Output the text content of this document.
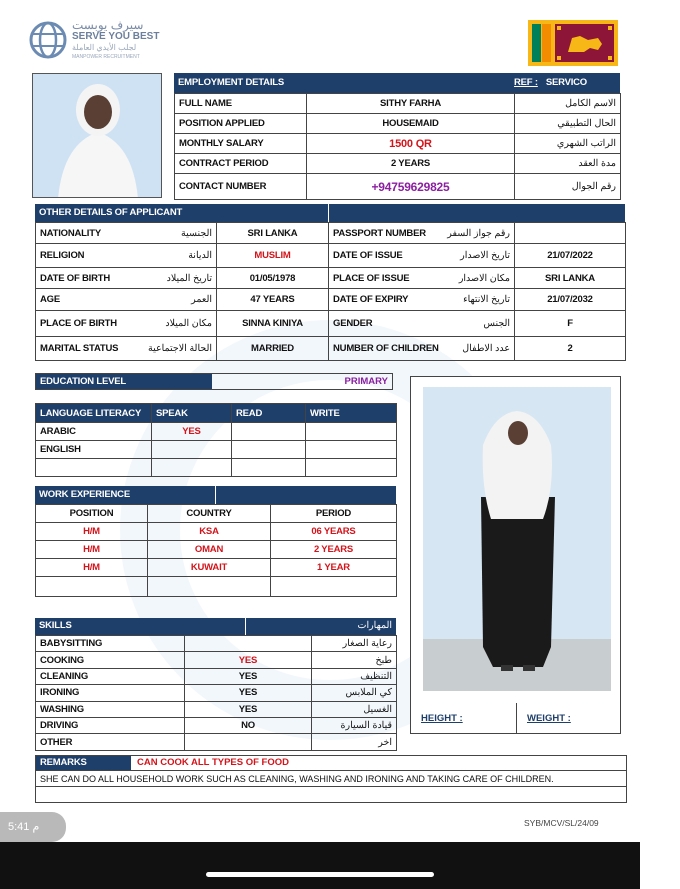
سيرف يوبست
SERVE YOU BEST
لجلب الأيدي العاملة
MANPOWER RECRUITMENT
EMPLOYMENT DETAILS	REF : SERVICO
FULL NAME	SITHY FARHA	الاسم الكامل
POSITION APPLIED	HOUSEMAID	الحال التطبيقي
MONTHLY SALARY	1500 QR	الراتب الشهري
CONTRACT PERIOD	2 YEARS	مدة العقد
CONTACT NUMBER	+94759629825	رقم الجوال
OTHER DETAILS OF APPLICANT
NATIONALITY الجنسية	SRI LANKA	PASSPORT NUMBER رقم جواز السفر	

RELIGION الديانة	MUSLIM	DATE OF ISSUE تاريخ الاصدار	21/07/2022

DATE OF BIRTH تاريخ الميلاد	01/05/1978	PLACE OF ISSUE مكان الاصدار	SRI LANKA

AGE العمر	47 YEARS	DATE OF EXPIRY تاريخ الانتهاء	21/07/2032

PLACE OF BIRTH مكان الميلاد	SINNA KINIYA	GENDER الجنس	F

MARITAL STATUS الحالة الاجتماعية	MARRIED	NUMBER OF CHILDREN عدد الاطفال	2
EDUCATION LEVEL	PRIMARY
LANGUAGE LITERACY	SPEAK	READ	WRITE
ARABIC	YES		
ENGLISH			

WORK EXPERIENCE
POSITION	COUNTRY	PERIOD
H/M	KSA	06 YEARS
H/M	OMAN	2 YEARS
H/M	KUWAIT	1 YEAR

SKILLS	المهارات
BABYSITTING		رعاية الصغار
COOKING	YES	طبخ
CLEANING	YES	التنظيف
IRONING	YES	كي الملابس
WASHING	YES	الغسيل
DRIVING	NO	قيادة السيارة
OTHER		اخر
HEIGHT :	WEIGHT :
REMARKS	CAN COOK ALL TYPES OF FOOD
SHE CAN DO ALL HOUSEHOLD WORK SUCH AS CLEANING, WASHING AND IRONING AND TAKING CARE OF CHILDREN.
SYB/MCV/SL/24/09
5:41 م
